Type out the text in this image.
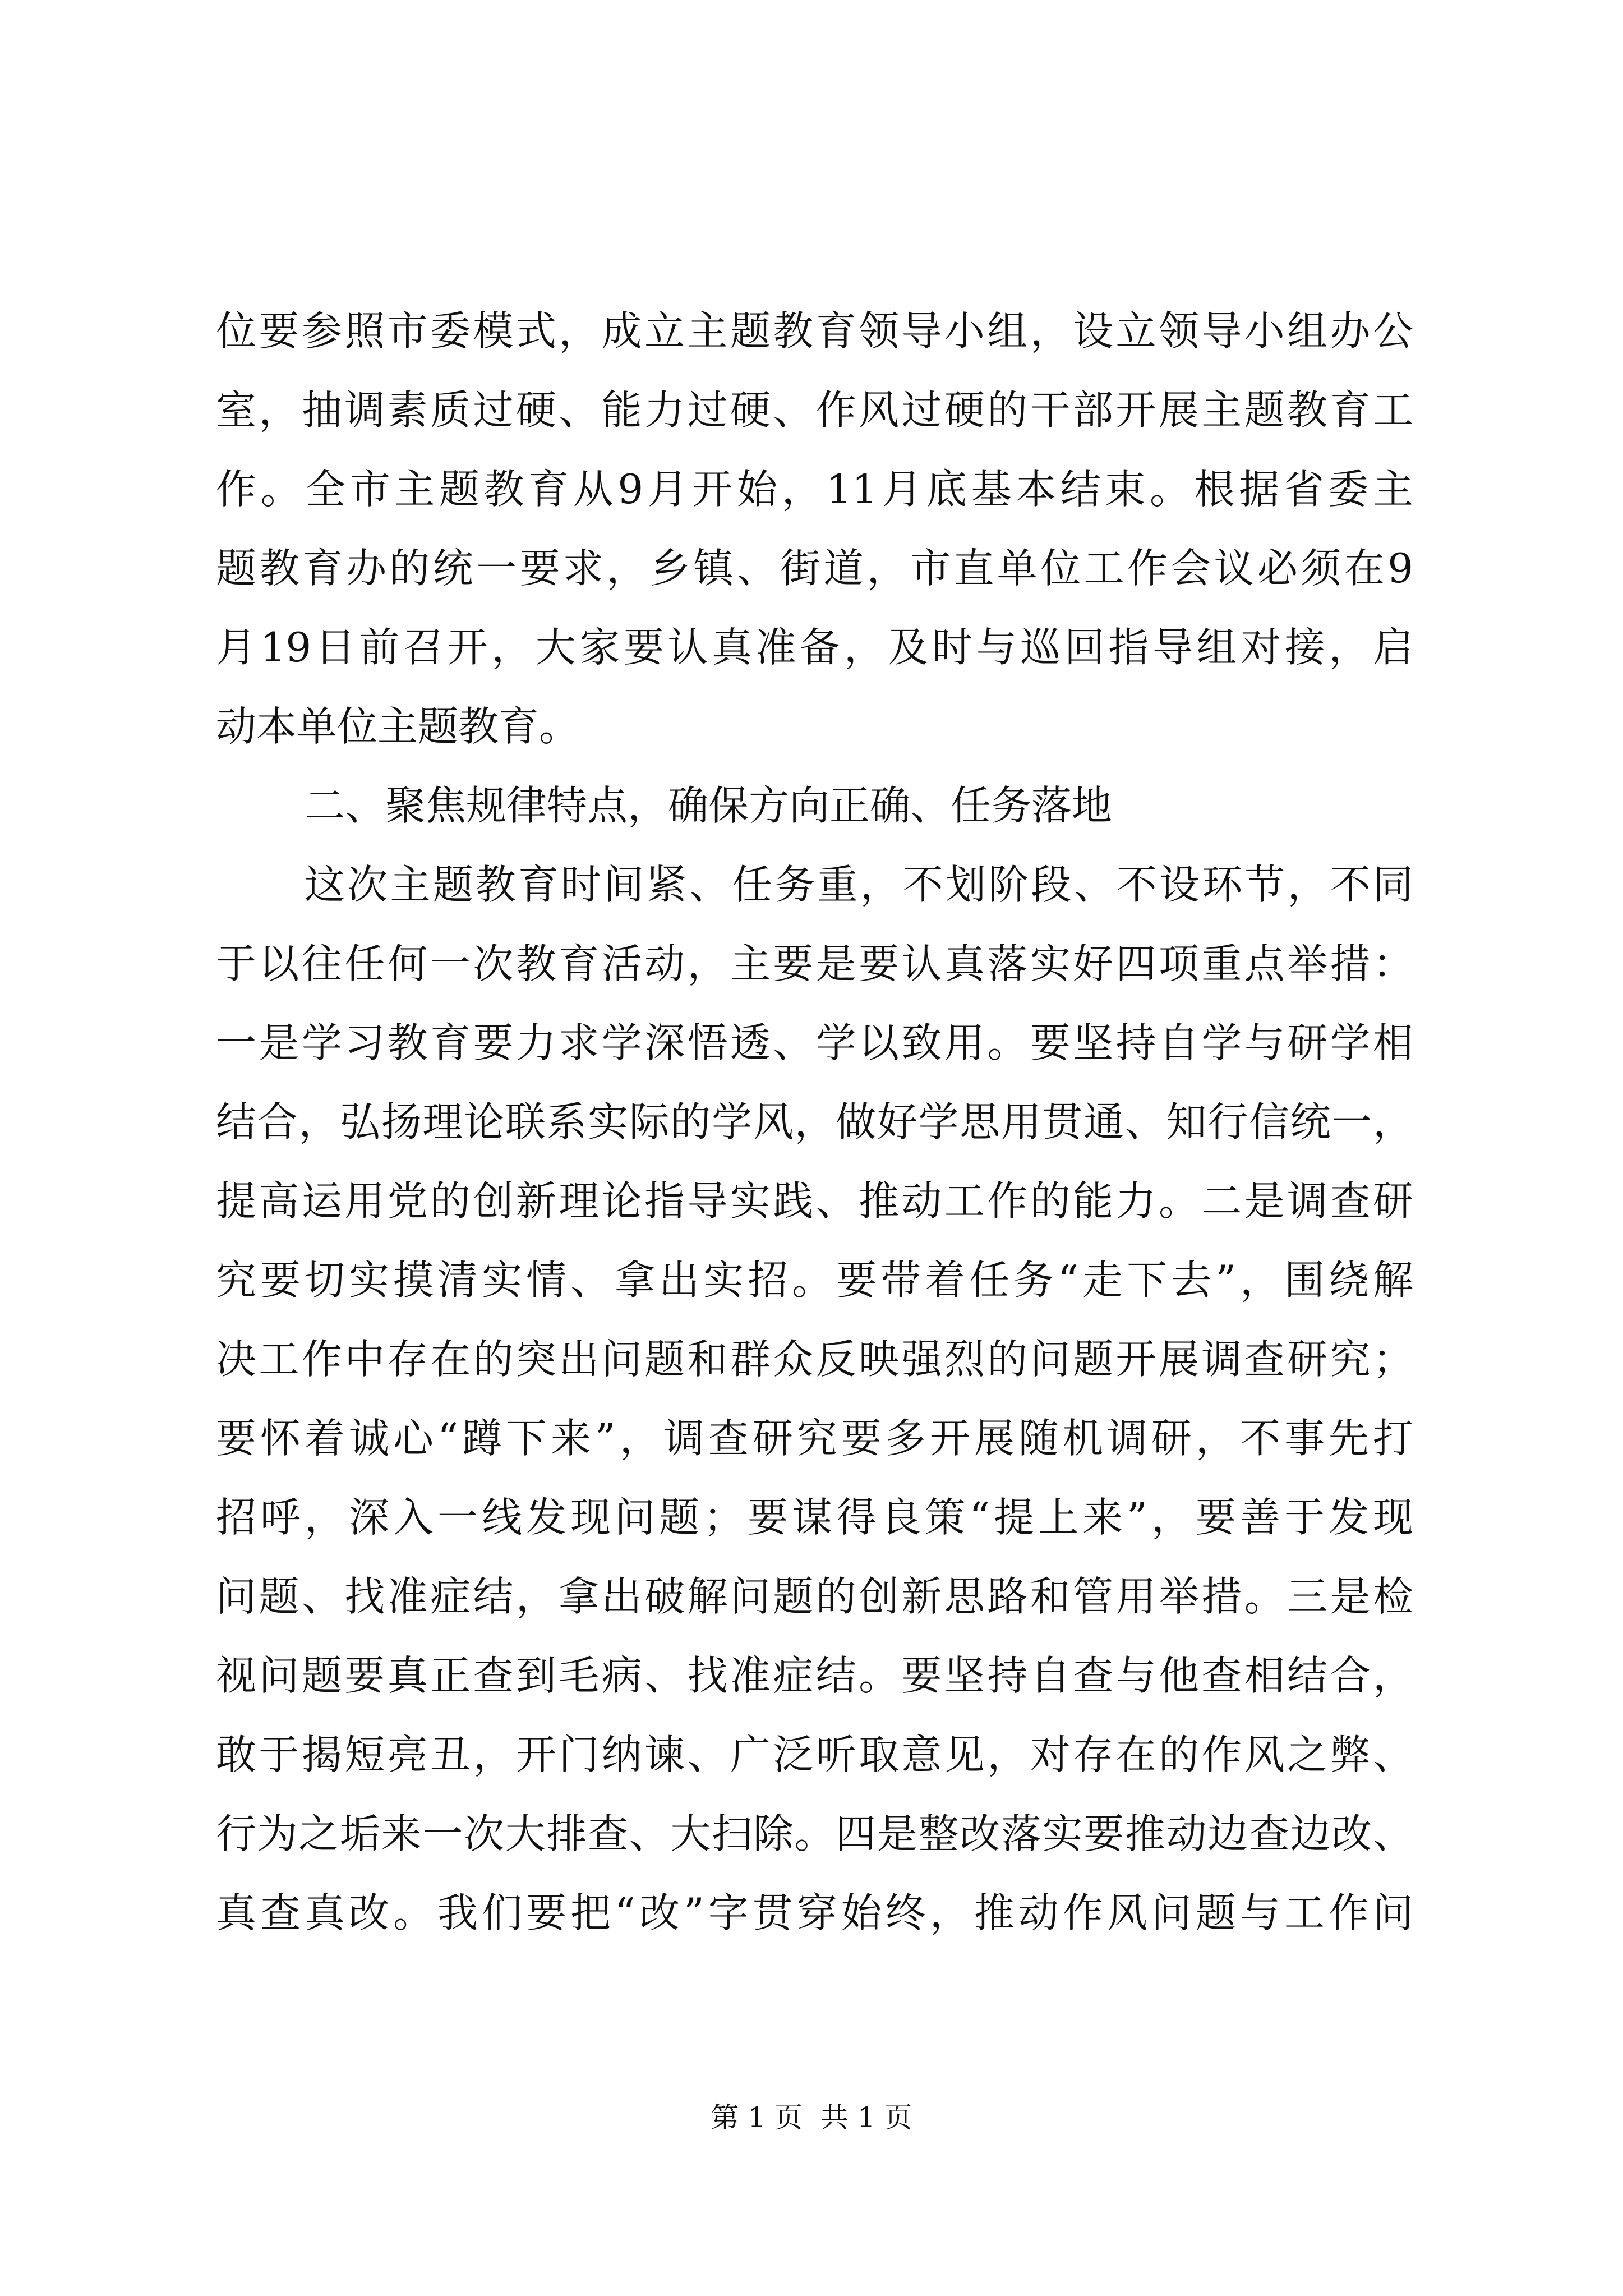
位要参照市委模式，成立主题教育领导小组，设立领导小组办公
室，抽调素质过硬、能力过硬、作风过硬的干部开展主题教育工
作。全市主题教育从9月开始，11月底基本结束。根据省委主
题教育办的统一要求，乡镇、街道，市直单位工作会议必须在9
月19日前召开，大家要认真准备，及时与巡回指导组对接，启
动本单位主题教育。
二、聚焦规律特点，确保方向正确、任务落地
这次主题教育时间紧、任务重，不划阶段、不设环节，不同
于以往任何一次教育活动，主要是要认真落实好四项重点举措：
一是学习教育要力求学深悟透、学以致用。要坚持自学与研学相
结合，弘扬理论联系实际的学风，做好学思用贯通、知行信统一，
提高运用党的创新理论指导实践、推动工作的能力。二是调查研
究要切实摸清实情、拿出实招。要带着任务“走下去”，围绕解
决工作中存在的突出问题和群众反映强烈的问题开展调查研究；
要怀着诚心“蹲下来”，调查研究要多开展随机调研，不事先打
招呼，深入一线发现问题；要谋得良策“提上来”，要善于发现
问题、找准症结，拿出破解问题的创新思路和管用举措。三是检
视问题要真正查到毛病、找准症结。要坚持自查与他查相结合，
敢于揭短亮丑，开门纳谏、广泛听取意见，对存在的作风之弊、
行为之垢来一次大排查、大扫除。四是整改落实要推动边查边改、
真查真改。我们要把“改”字贯穿始终，推动作风问题与工作问
第 1 页  共 1 页
